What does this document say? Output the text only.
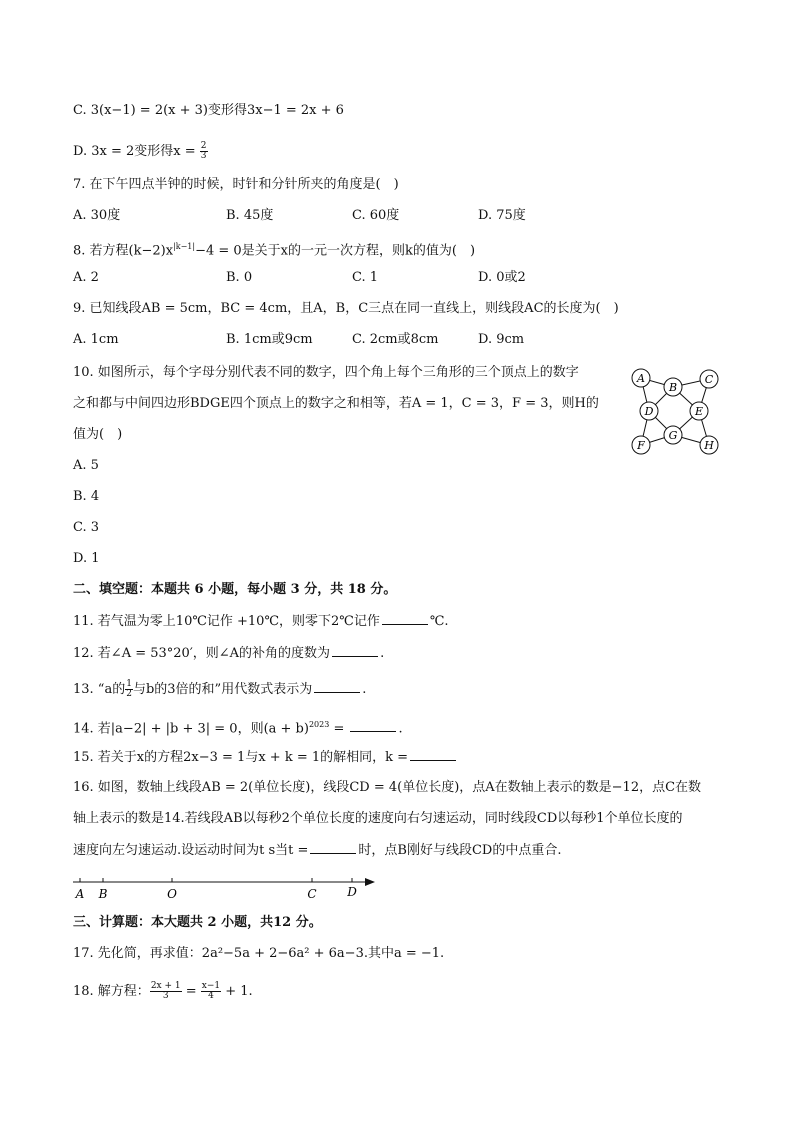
C. 3(x−1) = 2(x + 3)变形得3x−1 = 2x + 6
D. 3x = 2变形得$x = \frac{2}{3}$
7. 在下午四点半钟的时候，时针和分针所夹的角度是(　)
A. 30度	B. 45度	C. 60度	D. 75度
8. 若方程$(k-2)x^{|k-1|}-4 = 0$是关于x的一元一次方程，则k的值为(　)
A. 2	B. 0	C. 1	D. 0或2
9. 已知线段AB = 5cm，BC = 4cm，且A，B，C三点在同一直线上，则线段AC的长度为(　)
A. 1cm	B. 1cm或9cm	C. 2cm或8cm	D. 9cm
10. 如图所示，每个字母分别代表不同的数字，四个角上每个三角形的三个顶点上的数字
之和都与中间四边形BDGE四个顶点上的数字之和相等，若A = 1，C = 3，F = 3，则H的
值为(　)
A. 5
B. 4
C. 3
D. 1
A
B
C
D	E
F
G
H
二、填空题：本题共 6 小题，每小题 3 分，共 18 分。
11. 若气温为零上10℃记作 +10℃，则零下2℃记作	℃.
12. 若∠A = 53°20′，则∠A的补角的度数为	.
13. “a的 $\frac{1}{2}$ 与b的3倍的和”用代数式表示为	.
14. 若|a−2| + |b + 3| = 0，则$(a + b)^{2023}$ =	.
15. 若关于x的方程2x−3 = 1与x + k = 1的解相同，k =
16. 如图，数轴上线段AB = 2(单位长度)，线段CD = 4(单位长度)，点A在数轴上表示的数是−12，点C在数
轴上表示的数是14.若线段AB以每秒2个单位长度的速度向右匀速运动，同时线段CD以每秒1个单位长度的
速度向左匀速运动.设运动时间为t s当t =	时，点B刚好与线段CD的中点重合.
A B	O	C	D
三、计算题：本大题共 2 小题，共12 分。
17. 先化简，再求值：2a²−5a + 2−6a² + 6a−3.其中a = −1.
18. 解方程： $\frac{2x + 1}{3} = \frac{x-1}{4} + 1$.
